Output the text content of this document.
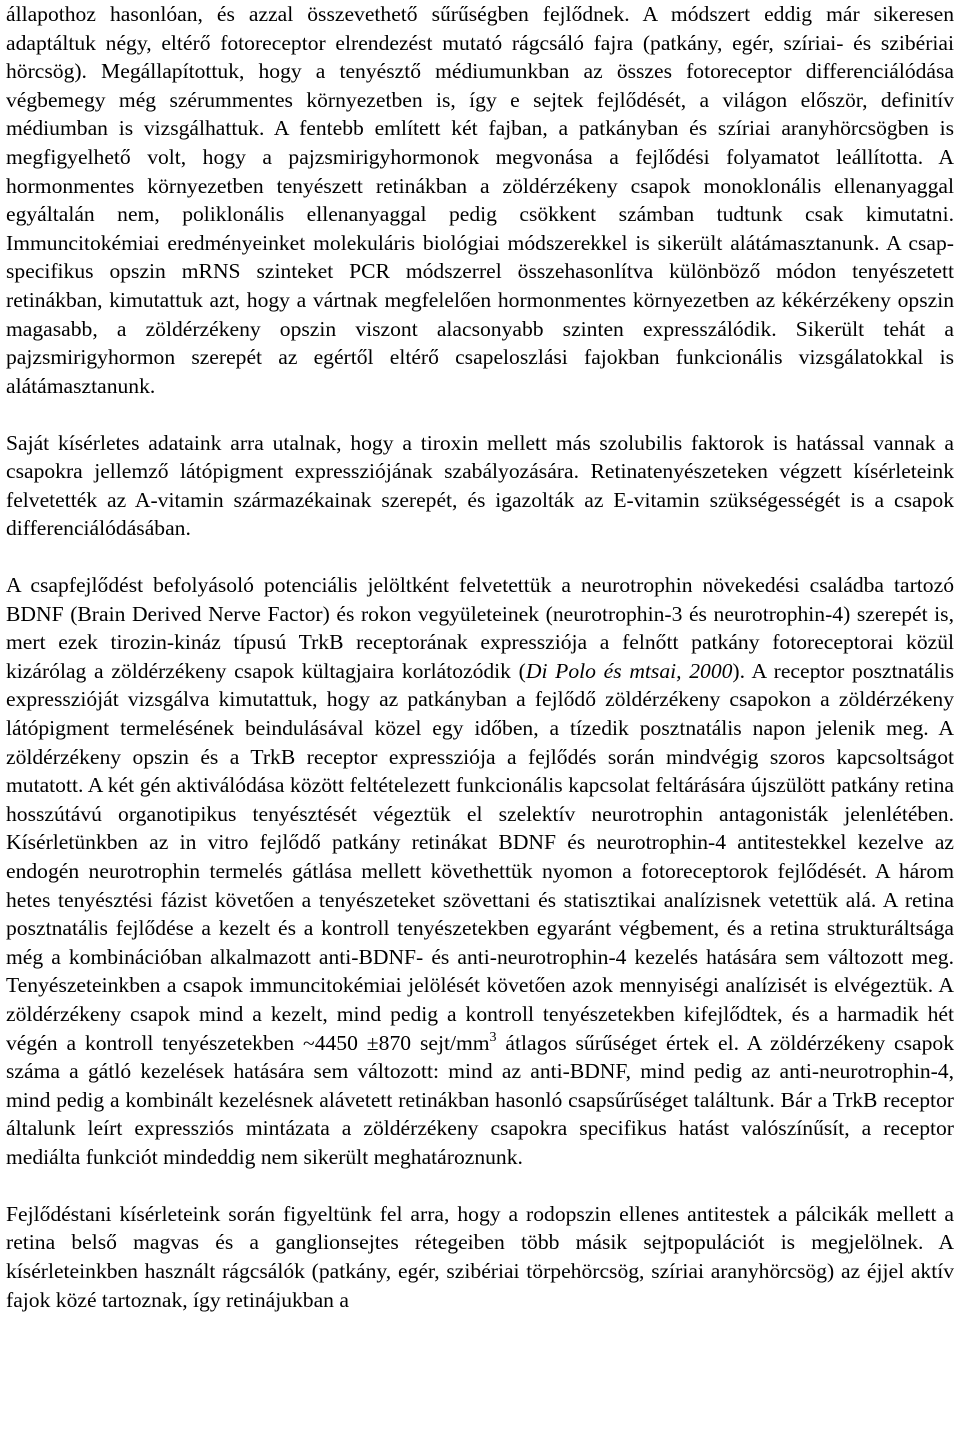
állapothoz hasonlóan, és azzal összevethető sűrűségben fejlődnek. A módszert eddig már sikeresen adaptáltuk négy, eltérő fotoreceptor elrendezést mutató rágcsáló fajra (patkány, egér, szíriai- és szibériai hörcsög). Megállapítottuk, hogy a tenyésztő médiumunkban az összes fotoreceptor differenciálódása végbemegy még szérummentes környezetben is, így e sejtek fejlődését, a világon először, definitív médiumban is vizsgálhattuk. A fentebb említett két fajban, a patkányban és szíriai aranyhörcsögben is megfigyelhető volt, hogy a pajzsmirigyhormonok megvonása a fejlődési folyamatot leállította. A hormonmentes környezetben tenyészett retinákban a zöldérzékeny csapok monoklonális ellenanyaggal egyáltalán nem, poliklonális ellenanyaggal pedig csökkent számban tudtunk csak kimutatni. Immuncitokémiai eredményeinket molekuláris biológiai módszerekkel is sikerült alátámasztanunk. A csap-specifikus opszin mRNS szinteket PCR módszerrel összehasonlítva különböző módon tenyészetett retinákban, kimutattuk azt, hogy a vártnak megfelelően hormonmentes környezetben az kékérzékeny opszin magasabb, a zöldérzékeny opszin viszont alacsonyabb szinten expresszálódik. Sikerült tehát a pajzsmirigyhormon szerepét az egértől eltérő csapeloszlási fajokban funkcionális vizsgálatokkal is alátámasztanunk.

Saját kísérletes adataink arra utalnak, hogy a tiroxin mellett más szolubilis faktorok is hatással vannak a csapokra jellemző látópigment expressziójának szabályozására. Retinatenyészeteken végzett kísérleteink felvetették az A-vitamin származékainak szerepét, és igazolták az E-vitamin szükségességét is a csapok differenciálódásában.

A csapfejlődést befolyásoló potenciális jelöltként felvetettük a neurotrophin növekedési családba tartozó BDNF (Brain Derived Nerve Factor) és rokon vegyületeinek (neurotrophin-3 és neurotrophin-4) szerepét is, mert ezek tirozin-kináz típusú TrkB receptorának expressziója a felnőtt patkány fotoreceptorai közül kizárólag a zöldérzékeny csapok kültagjaira korlátozódik (Di Polo és mtsai, 2000). A receptor posztnatális expresszióját vizsgálva kimutattuk, hogy az patkányban a fejlődő zöldérzékeny csapokon a zöldérzékeny látópigment termelésének beindulásával közel egy időben, a tízedik posztnatális napon jelenik meg. A zöldérzékeny opszin és a TrkB receptor expressziója a fejlődés során mindvégig szoros kapcsoltságot mutatott. A két gén aktiválódása között feltételezett funkcionális kapcsolat feltárására újszülött patkány retina hosszútávú organotipikus tenyésztését végeztük el szelektív neurotrophin antagonisták jelenlétében. Kísérletünkben az in vitro fejlődő patkány retinákat BDNF és neurotrophin-4 antitestekkel kezelve az endogén neurotrophin termelés gátlása mellett követhettük nyomon a fotoreceptorok fejlődését. A három hetes tenyésztési fázist követően a tenyészeteket szövettani és statisztikai analízisnek vetettük alá. A retina posztnatális fejlődése a kezelt és a kontroll tenyészetekben egyaránt végbement, és a retina strukturáltsága még a kombinációban alkalmazott anti-BDNF- és anti-neurotrophin-4 kezelés hatására sem változott meg. Tenyészeteinkben a csapok immuncitokémiai jelölését követően azok mennyiségi analízisét is elvégeztük. A zöldérzékeny csapok mind a kezelt, mind pedig a kontroll tenyészetekben kifejlődtek, és a harmadik hét végén a kontroll tenyészetekben ~4450 ±870 sejt/$mm^3$ átlagos sűrűséget értek el. A zöldérzékeny csapok száma a gátló kezelések hatására sem változott: mind az anti-BDNF, mind pedig az anti-neurotrophin-4, mind pedig a kombinált kezelésnek alávetett retinákban hasonló csapsűrűséget találtunk. Bár a TrkB receptor általunk leírt expressziós mintázata a zöldérzékeny csapokra specifikus hatást valószínűsít, a receptor mediálta funkciót mindeddig nem sikerült meghatároznunk.

Fejlődéstani kísérleteink során figyeltünk fel arra, hogy a rodopszin ellenes antitestek a pálcikák mellett a retina belső magvas és a ganglionsejtes rétegeiben több másik sejtpopulációt is megjelölnek. A kísérleteinkben használt rágcsálók (patkány, egér, szibériai törpehörcsög, szíriai aranyhörcsög) az éjjel aktív fajok közé tartoznak, így retinájukban a
